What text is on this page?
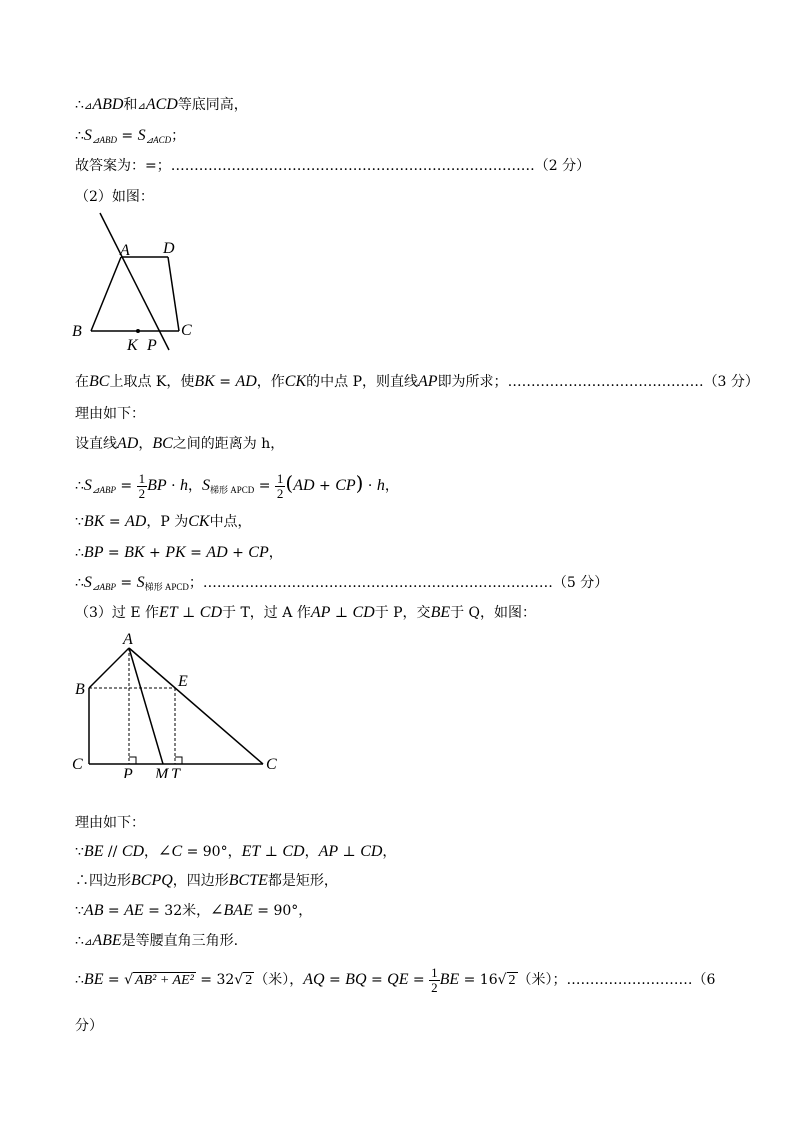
∴⊿ABD和⊿ACD等底同高，
$\therefore S_{⊿ABD} = S_{⊿ACD}$；
故答案为：=；……………………………………………………………………（2 分）
（2）如图：
A D
B	C
K P
在BC上取点 K，使BK = AD，作CK的中点 P，则直线AP即为所求；……………………………………（3 分）
理由如下：
设直线AD，BC之间的距离为 h，
$\therefore S_{⊿ABP} = \frac{1}{2}$ BP · h，$S_{梯形 APCD} = \frac{1}{2} (AD + CP) \cdot h$，
∵BK = AD，P 为CK中点，
∴BP = BK + PK = AD + CP，
$\therefore S_{⊿ABP} = S_{梯形 APCD}$；…………………………………………………………………（5 分）
（3）过 E 作ET ⊥ CD于 T，过 A 作AP ⊥ CD于 P，交BE于 Q，如图：
A
B	E
C	C
P M T
理由如下：
∵BE // CD，∠C = 90°，ET ⊥ CD，AP ⊥ CD，
∴四边形BCPQ，四边形BCTE都是矩形，
∵AB = AE = 32米，∠BAE = 90°，
∴⊿ABE是等腰直角三角形.
∴BE = √ AB² + AE² = 32√ 2 （米），AQ = BQ = QE = $\frac{1}{2}$ BE = 16√ 2 （米）；………………………（6
分）
